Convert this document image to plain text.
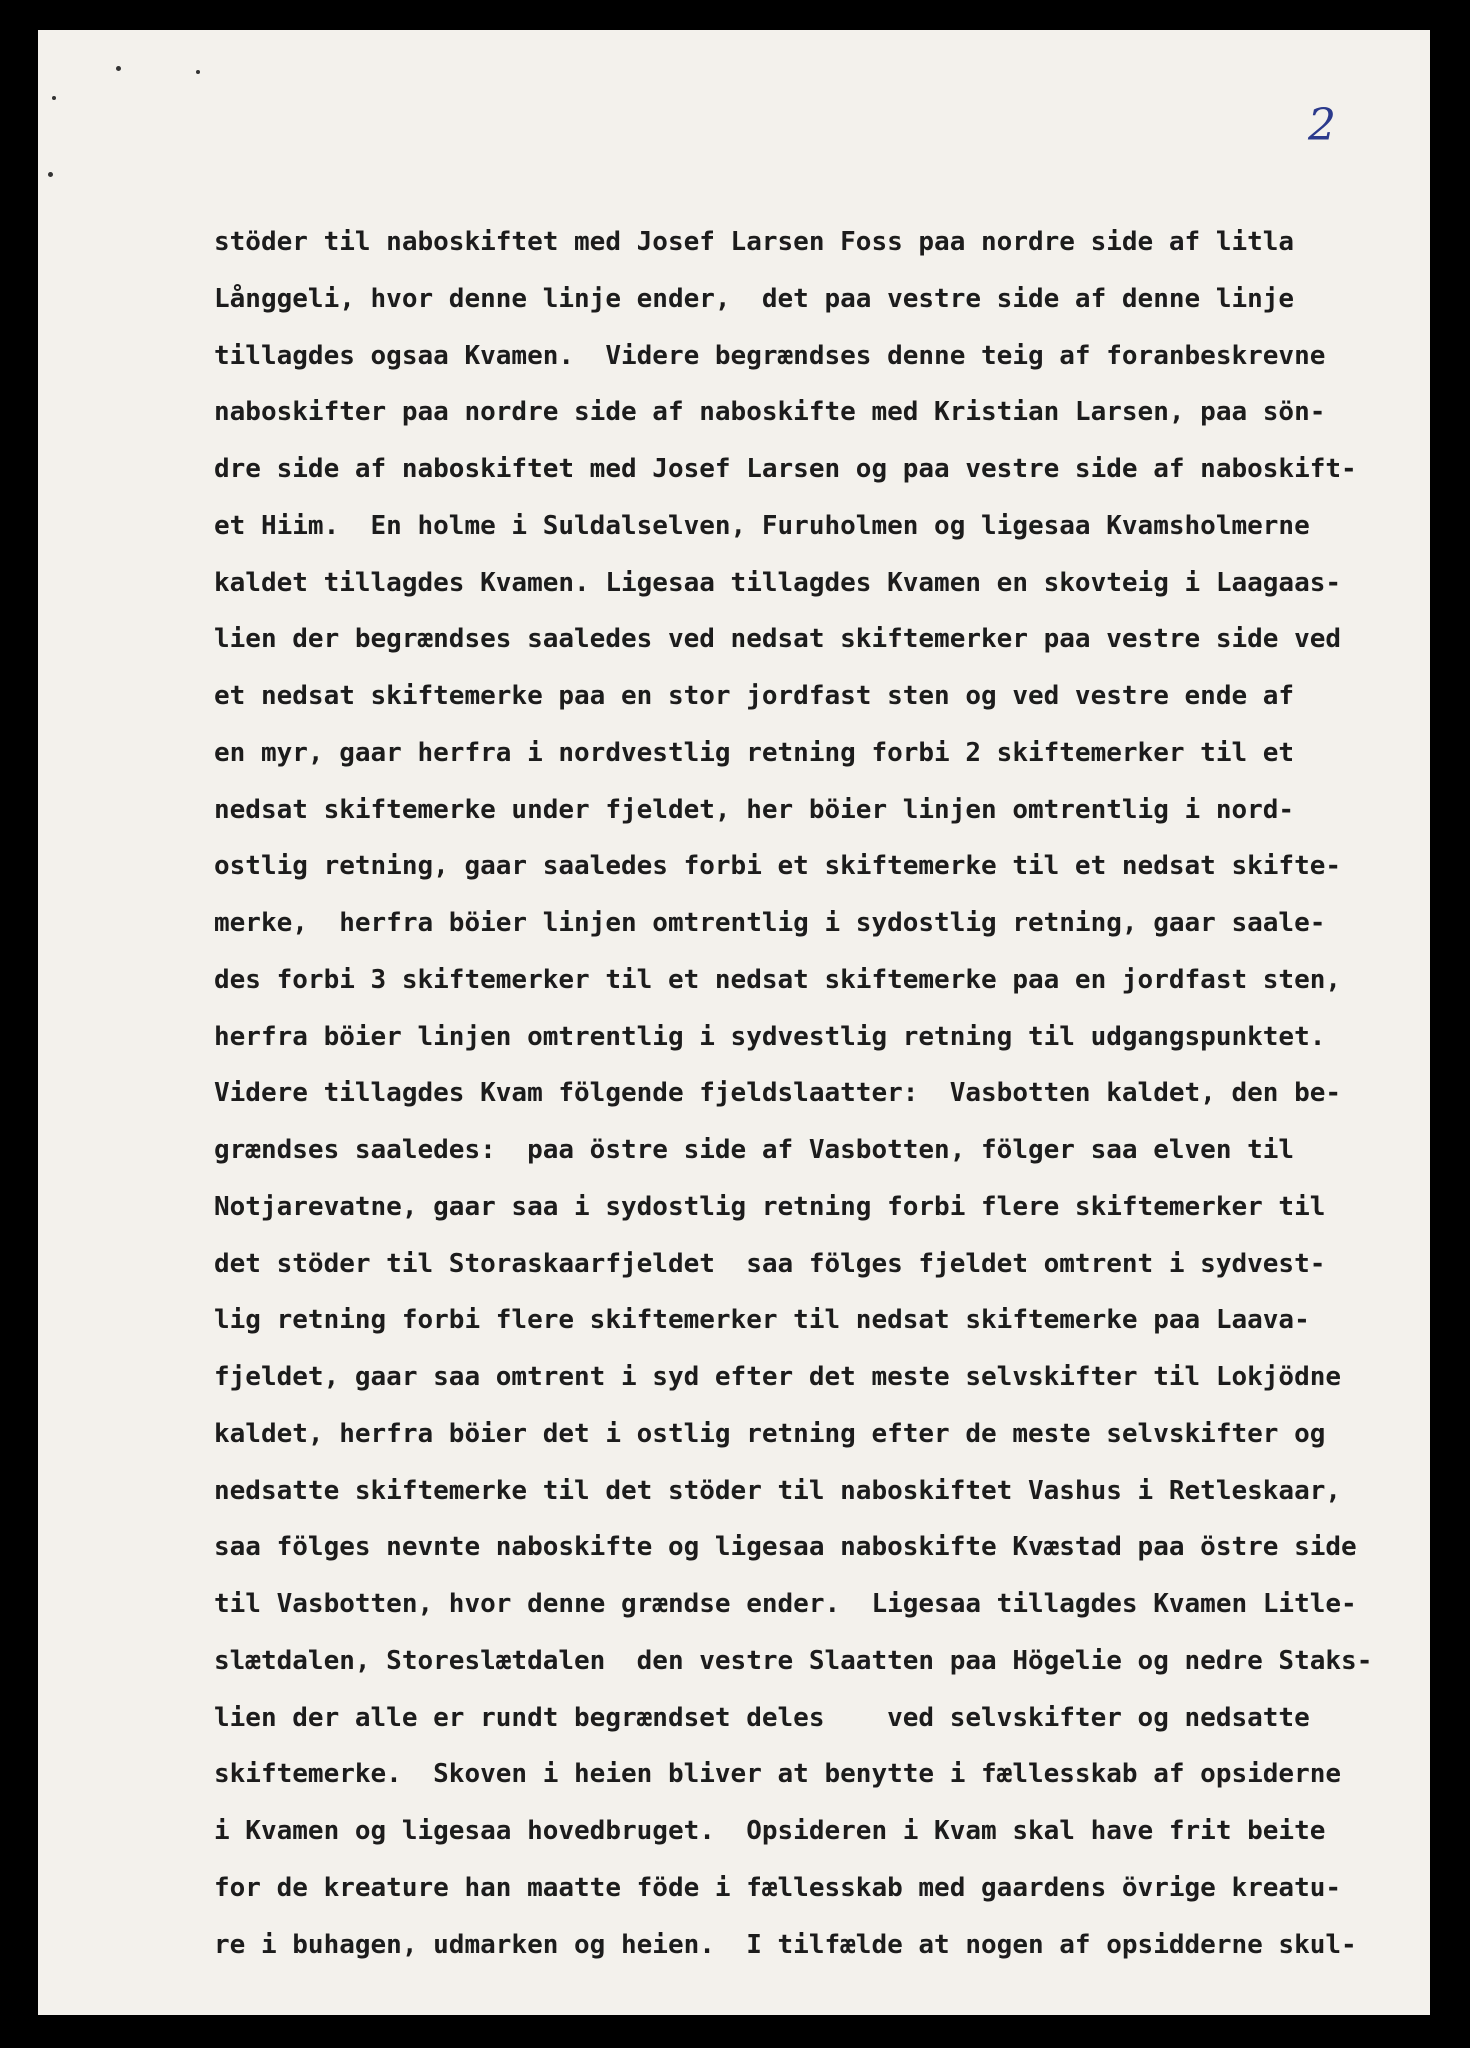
2
stöder til naboskiftet med Josef Larsen Foss paa nordre side af litla
Långgeli, hvor denne linje ender,  det paa vestre side af denne linje
tillagdes ogsaa Kvamen.  Videre begrændses denne teig af foranbeskrevne
naboskifter paa nordre side af naboskifte med Kristian Larsen, paa sön-
dre side af naboskiftet med Josef Larsen og paa vestre side af naboskift-
et Hiim.  En holme i Suldalselven, Furuholmen og ligesaa Kvamsholmerne
kaldet tillagdes Kvamen. Ligesaa tillagdes Kvamen en skovteig i Laagaas-
lien der begrændses saaledes ved nedsat skiftemerker paa vestre side ved
et nedsat skiftemerke paa en stor jordfast sten og ved vestre ende af
en myr, gaar herfra i nordvestlig retning forbi 2 skiftemerker til et
nedsat skiftemerke under fjeldet, her böier linjen omtrentlig i nord-
ostlig retning, gaar saaledes forbi et skiftemerke til et nedsat skifte-
merke,  herfra böier linjen omtrentlig i sydostlig retning, gaar saale-
des forbi 3 skiftemerker til et nedsat skiftemerke paa en jordfast sten,
herfra böier linjen omtrentlig i sydvestlig retning til udgangspunktet.
Videre tillagdes Kvam fölgende fjeldslaatter:  Vasbotten kaldet, den be-
grændses saaledes:  paa östre side af Vasbotten, fölger saa elven til
Notjarevatne, gaar saa i sydostlig retning forbi flere skiftemerker til
det stöder til Storaskaarfjeldet  saa fölges fjeldet omtrent i sydvest-
lig retning forbi flere skiftemerker til nedsat skiftemerke paa Laava-
fjeldet, gaar saa omtrent i syd efter det meste selvskifter til Lokjödne
kaldet, herfra böier det i ostlig retning efter de meste selvskifter og
nedsatte skiftemerke til det stöder til naboskiftet Vashus i Retleskaar,
saa fölges nevnte naboskifte og ligesaa naboskifte Kvæstad paa östre side
til Vasbotten, hvor denne grændse ender.  Ligesaa tillagdes Kvamen Litle-
slætdalen, Storeslætdalen  den vestre Slaatten paa Högelie og nedre Staks-
lien der alle er rundt begrændset deles    ved selvskifter og nedsatte
skiftemerke.  Skoven i heien bliver at benytte i fællesskab af opsiderne
i Kvamen og ligesaa hovedbruget.  Opsideren i Kvam skal have frit beite
for de kreature han maatte föde i fællesskab med gaardens övrige kreatu-
re i buhagen, udmarken og heien.  I tilfælde at nogen af opsidderne skul-
